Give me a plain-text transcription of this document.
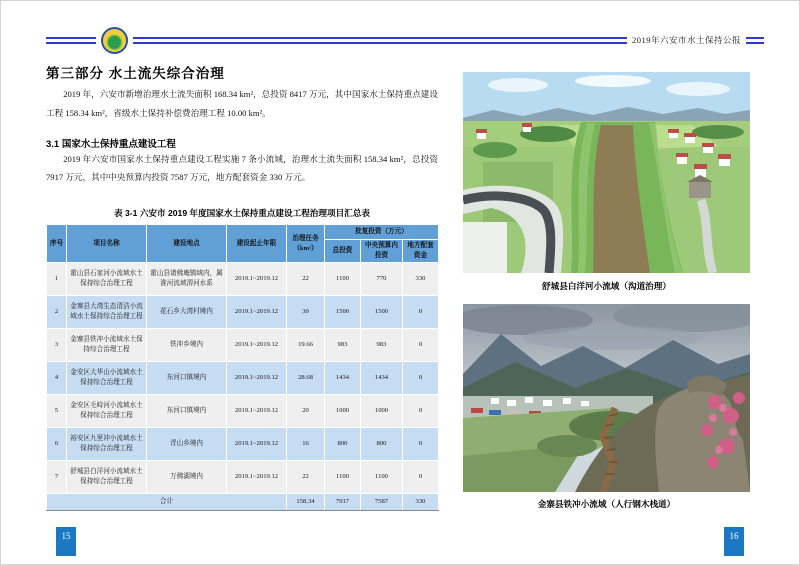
2019年六安市水土保持公报
第三部分 水土流失综合治理
2019 年，六安市新增治理水土流失面积 168.34 km²，总投资 8417 万元，其中国家水土保持重点建设工程 158.34 km²，省级水土保持补偿费治理工程 10.00 km²。
3.1 国家水土保持重点建设工程
2019 年六安市国家水土保持重点建设工程实施 7 条小流域，治理水土流失面积 158.34 km²，总投资 7917 万元，其中中央预算内投资 7587 万元，地方配套资金 330 万元。
表 3-1 六安市 2019 年度国家水土保持重点建设工程治理项目汇总表
序号	项目名称	建设地点	建设起止年限	治理任务（km²）	批复投资（万元）		
					总投资	中央预算内投资	地方配套资金
1	霍山县石家河小流域水土保持综合治理工程	霍山县诸佛庵镇域内，属淮河流域淠河水系	2019.1~2019.12	22	1100	770	330
2	金寨县大湾生态清洁小流域水土保持综合治理工程	花石乡大湾村境内	2019.1~2019.12	30	1500	1500	0
3	金寨县铁冲小流域水土保持综合治理工程	铁冲乡境内	2019.1~2019.12	19.66	983	983	0
4	金安区大华山小流域水土保持综合治理工程	东河口镇境内	2019.1~2019.12	28.68	1434	1434	0
5	金安区毛峙河小流域水土保持综合治理工程	东河口镇境内	2019.1~2019.12	20	1000	1000	0
6	裕安区九里冲小流域水土保持综合治理工程	青山乡境内	2019.1~2019.12	16	800	800	0
7	舒城县白洋河小流域水土保持综合治理工程	万佛湖境内	2019.1~2019.12	22	1100	1100	0
合计				158.34	7917	7587	330
舒城县白洋河小流域（沟道治理）
金寨县铁冲小流域（人行钢木栈道）
15	16
